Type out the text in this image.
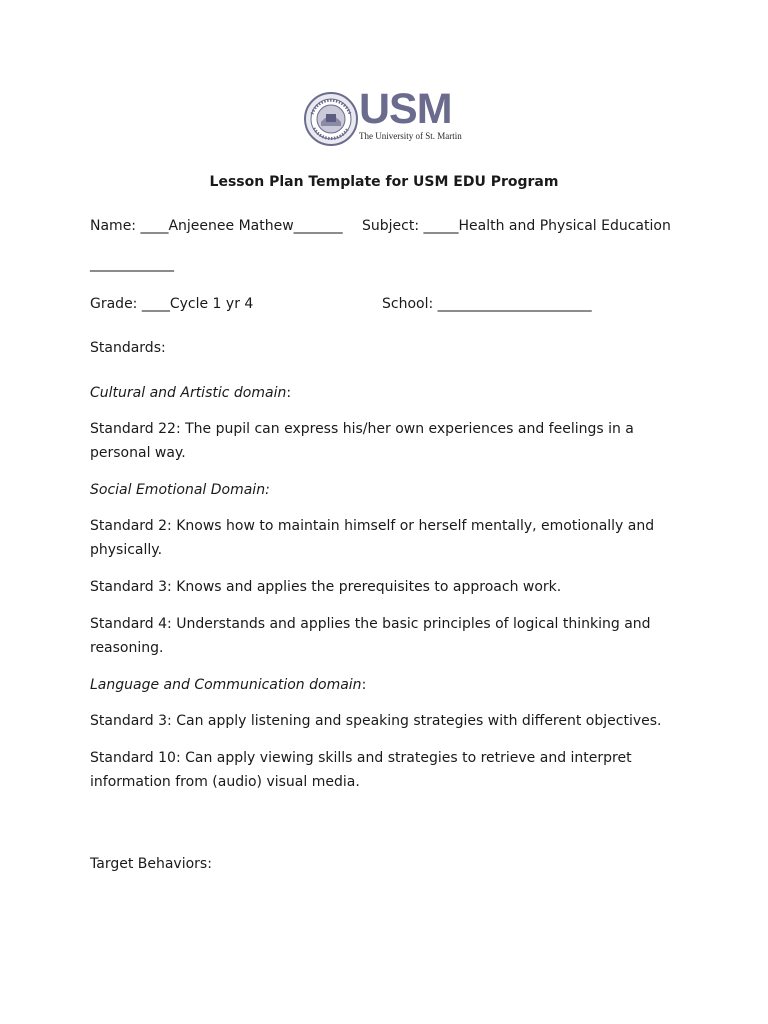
USM
The University of St. Martin
Lesson Plan Template for USM EDU Program
Name: ____Anjeenee Mathew_______ Subject: _____Health and Physical Education
____________
Grade: ____Cycle 1 yr 4	School: ______________________
Standards:
Cultural and Artistic domain:
Standard 22: The pupil can express his/her own experiences and feelings in a personal way.
Social Emotional Domain:
Standard 2: Knows how to maintain himself or herself mentally, emotionally and physically.
Standard 3: Knows and applies the prerequisites to approach work.
Standard 4: Understands and applies the basic principles of logical thinking and reasoning.
Language and Communication domain:
Standard 3: Can apply listening and speaking strategies with different objectives.
Standard 10: Can apply viewing skills and strategies to retrieve and interpret information from (audio) visual media.
Target Behaviors:
